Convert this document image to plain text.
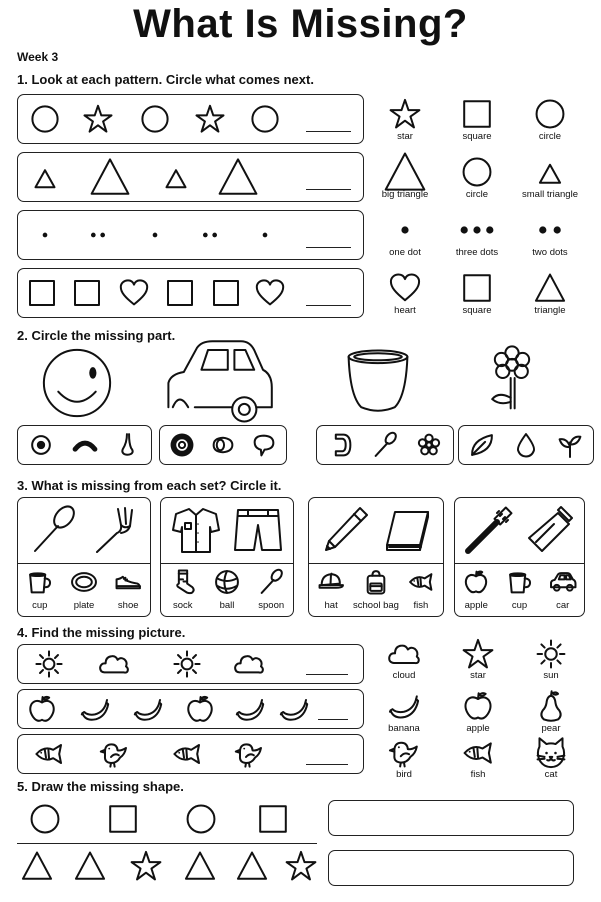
What Is Missing?
Week 3
1. Look at each pattern. Circle what comes next.
2. Circle the missing part.
3. What is missing from each set? Circle it.
4. Find the missing picture.
5. Draw the missing shape.
star	square	circle
big triangle	circle	small triangle
one dot	three dots	two dots
heart	square	triangle
cup	plate	shoe	sock	ball	spoon	hat	school bag	fish	apple	cup	car
cloud	star	sun
banana	apple	pear
bird	fish	cat
